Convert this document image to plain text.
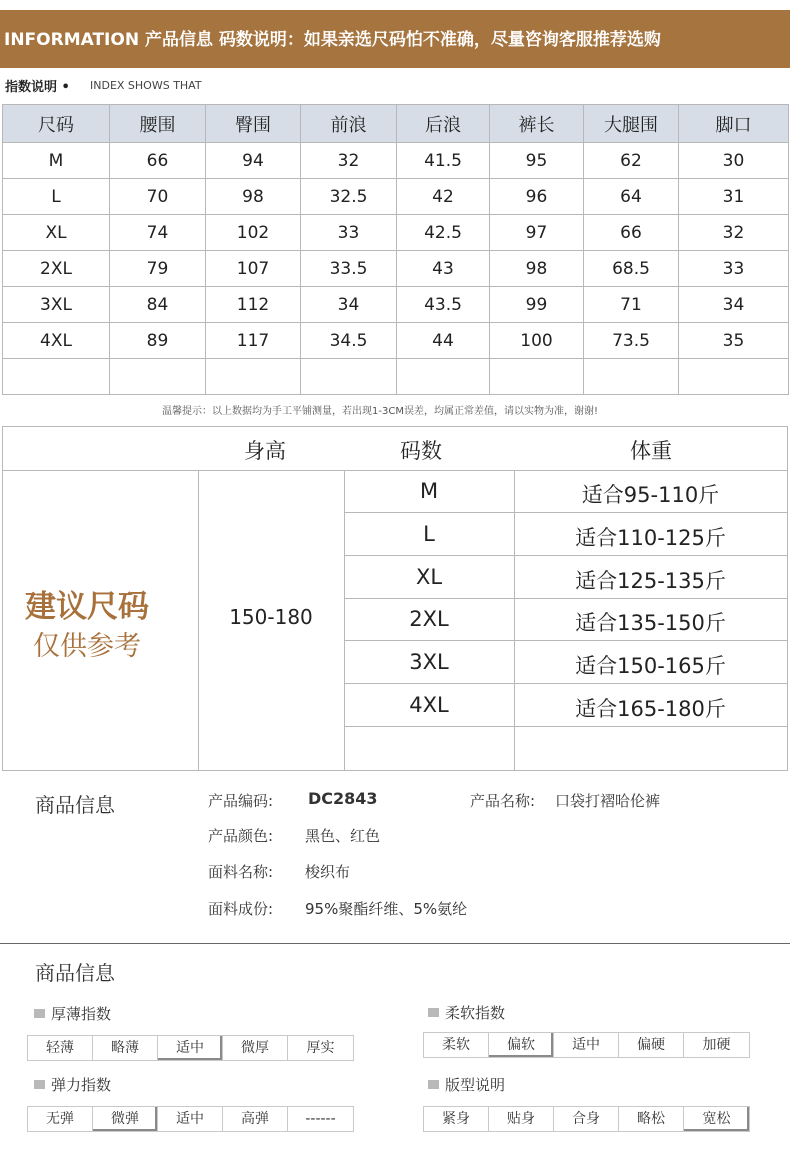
INFORMATION 产品信息 码数说明：如果亲选尺码怕不准确，尽量咨询客服推荐选购
指数说明 • INDEX SHOWS THAT
尺码	腰围	臀围	前浪	后浪	裤长	大腿围	脚口
M	66	94	32	41.5	95	62	30
L	70	98	32.5	42	96	64	31
XL	74	102	33	42.5	97	66	32
2XL	79	107	33.5	43	98	68.5	33
3XL	84	112	34	43.5	99	71	34
4XL	89	117	34.5	44	100	73.5	35

温馨提示：以上数据均为手工平铺测量，若出现1-3CM误差，均属正常差值，请以实物为准，谢谢!
身高	码数	体重
建议尺码
仅供参考
150-180
M	适合95-110斤
L	适合110-125斤
XL	适合125-135斤
2XL	适合135-150斤
3XL	适合150-165斤
4XL	适合165-180斤
商品信息	产品编码: DC2843	产品名称: 口袋打褶哈伦裤
产品颜色: 黑色、红色
面料名称: 梭织布
面料成份: 95%聚酯纤维、5%氨纶
商品信息
厚薄指数
轻薄	略薄	适中	微厚	厚实
柔软指数
柔软	偏软	适中	偏硬	加硬
弹力指数
无弹	微弹	适中	高弹	------
版型说明
紧身	贴身	合身	略松	宽松
